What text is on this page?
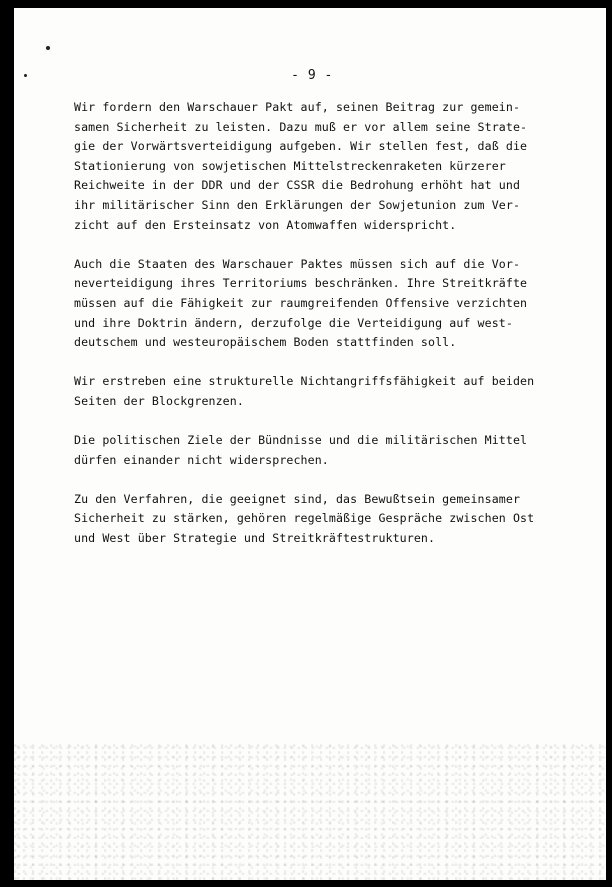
- 9 -

Wir fordern den Warschauer Pakt auf, seinen Beitrag zur gemein-
samen Sicherheit zu leisten. Dazu muß er vor allem seine Strate-
gie der Vorwärtsverteidigung aufgeben. Wir stellen fest, daß die
Stationierung von sowjetischen Mittelstreckenraketen kürzerer
Reichweite in der DDR und der CSSR die Bedrohung erhöht hat und
ihr militärischer Sinn den Erklärungen der Sowjetunion zum Ver-
zicht auf den Ersteinsatz von Atomwaffen widerspricht.

Auch die Staaten des Warschauer Paktes müssen sich auf die Vor-
neverteidigung ihres Territoriums beschränken. Ihre Streitkräfte
müssen auf die Fähigkeit zur raumgreifenden Offensive verzichten
und ihre Doktrin ändern, derzufolge die Verteidigung auf west-
deutschem und westeuropäischem Boden stattfinden soll.

Wir erstreben eine strukturelle Nichtangriffsfähigkeit auf beiden
Seiten der Blockgrenzen.

Die politischen Ziele der Bündnisse und die militärischen Mittel
dürfen einander nicht widersprechen.

Zu den Verfahren, die geeignet sind, das Bewußtsein gemeinsamer
Sicherheit zu stärken, gehören regelmäßige Gespräche zwischen Ost
und West über Strategie und Streitkräftestrukturen.
